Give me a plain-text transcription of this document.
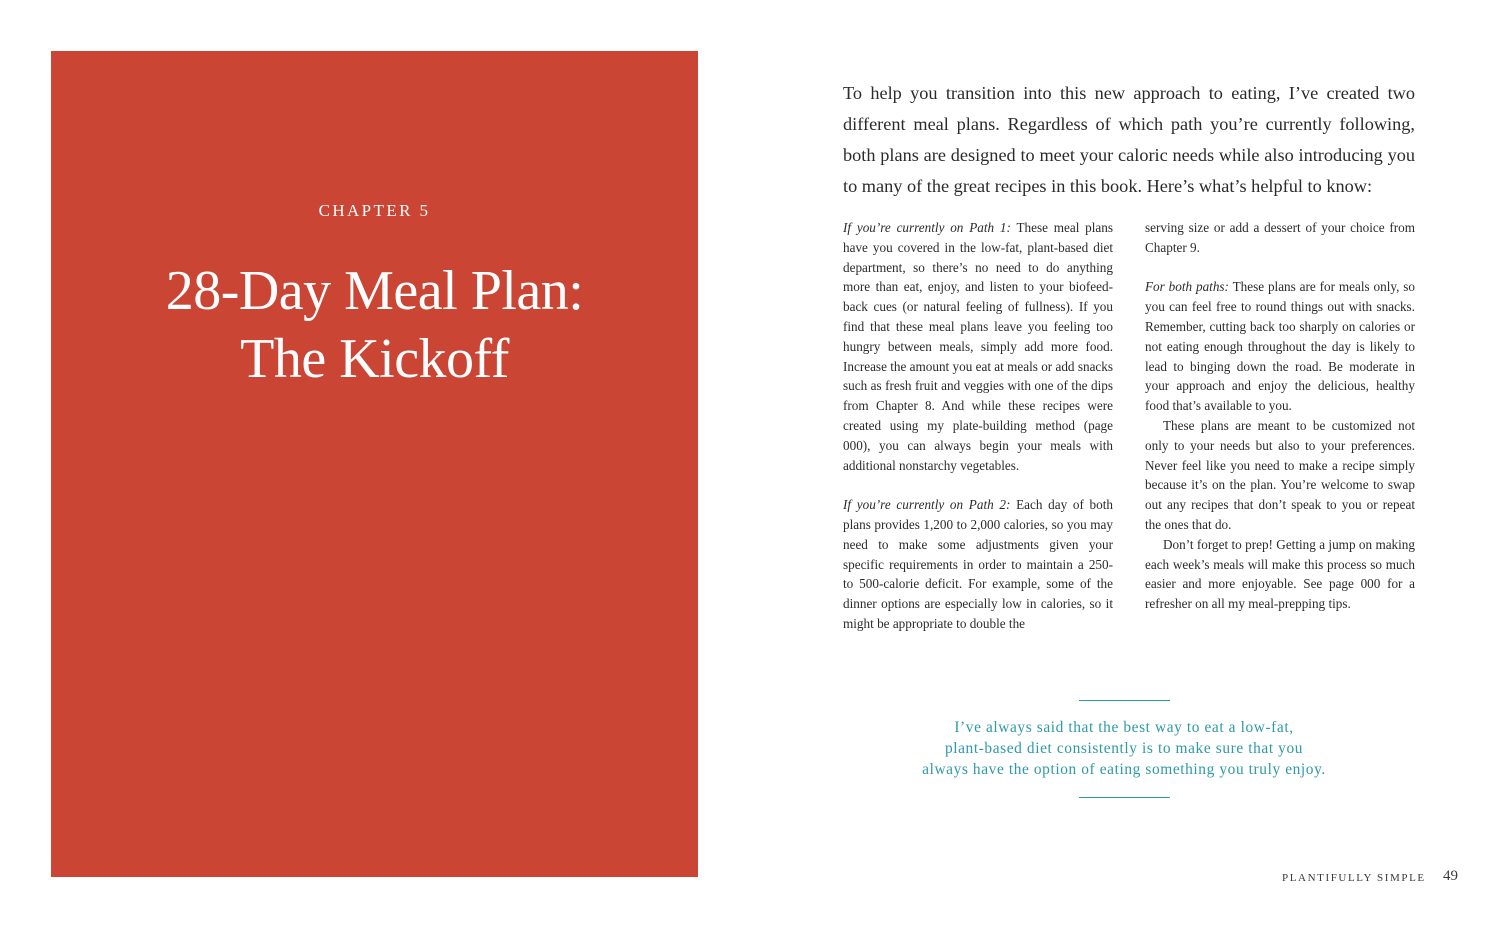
CHAPTER 5
28-Day Meal Plan:
The Kickoff
To help you transition into this new approach to eating, I’ve created two different meal plans. Regardless of which path you’re currently following, both plans are designed to meet your caloric needs while also introducing you to many of the great recipes in this book. Here’s what’s helpful to know:

If you’re currently on Path 1: These meal plans have you covered in the low-fat, plant-based diet department, so there’s no need to do anything more than eat, enjoy, and listen to your biofeedback cues (or natural feeling of fullness). If you find that these meal plans leave you feeling too hungry between meals, simply add more food. Increase the amount you eat at meals or add snacks such as fresh fruit and veggies with one of the dips from Chapter 8. And while these recipes were created using my plate-building method (page 000), you can always begin your meals with additional nonstarchy vegetables.

If you’re currently on Path 2: Each day of both plans provides 1,200 to 2,000 calories, so you may need to make some adjustments given your specific requirements in order to maintain a 250- to 500-calorie deficit. For example, some of the dinner options are especially low in calories, so it might be appropriate to double the

serving size or add a dessert of your choice from Chapter 9.

For both paths: These plans are for meals only, so you can feel free to round things out with snacks. Remember, cutting back too sharply on calories or not eating enough throughout the day is likely to lead to binging down the road. Be moderate in your approach and enjoy the delicious, healthy food that’s available to you.

These plans are meant to be customized not only to your needs but also to your preferences. Never feel like you need to make a recipe simply because it’s on the plan. You’re welcome to swap out any recipes that don’t speak to you or repeat the ones that do.

Don’t forget to prep! Getting a jump on making each week’s meals will make this process so much easier and more enjoyable. See page 000 for a refresher on all my meal-prepping tips.

I’ve always said that the best way to eat a low-fat,
plant-based diet consistently is to make sure that you
always have the option of eating something you truly enjoy.
PLANTIFULLY SIMPLE 49
